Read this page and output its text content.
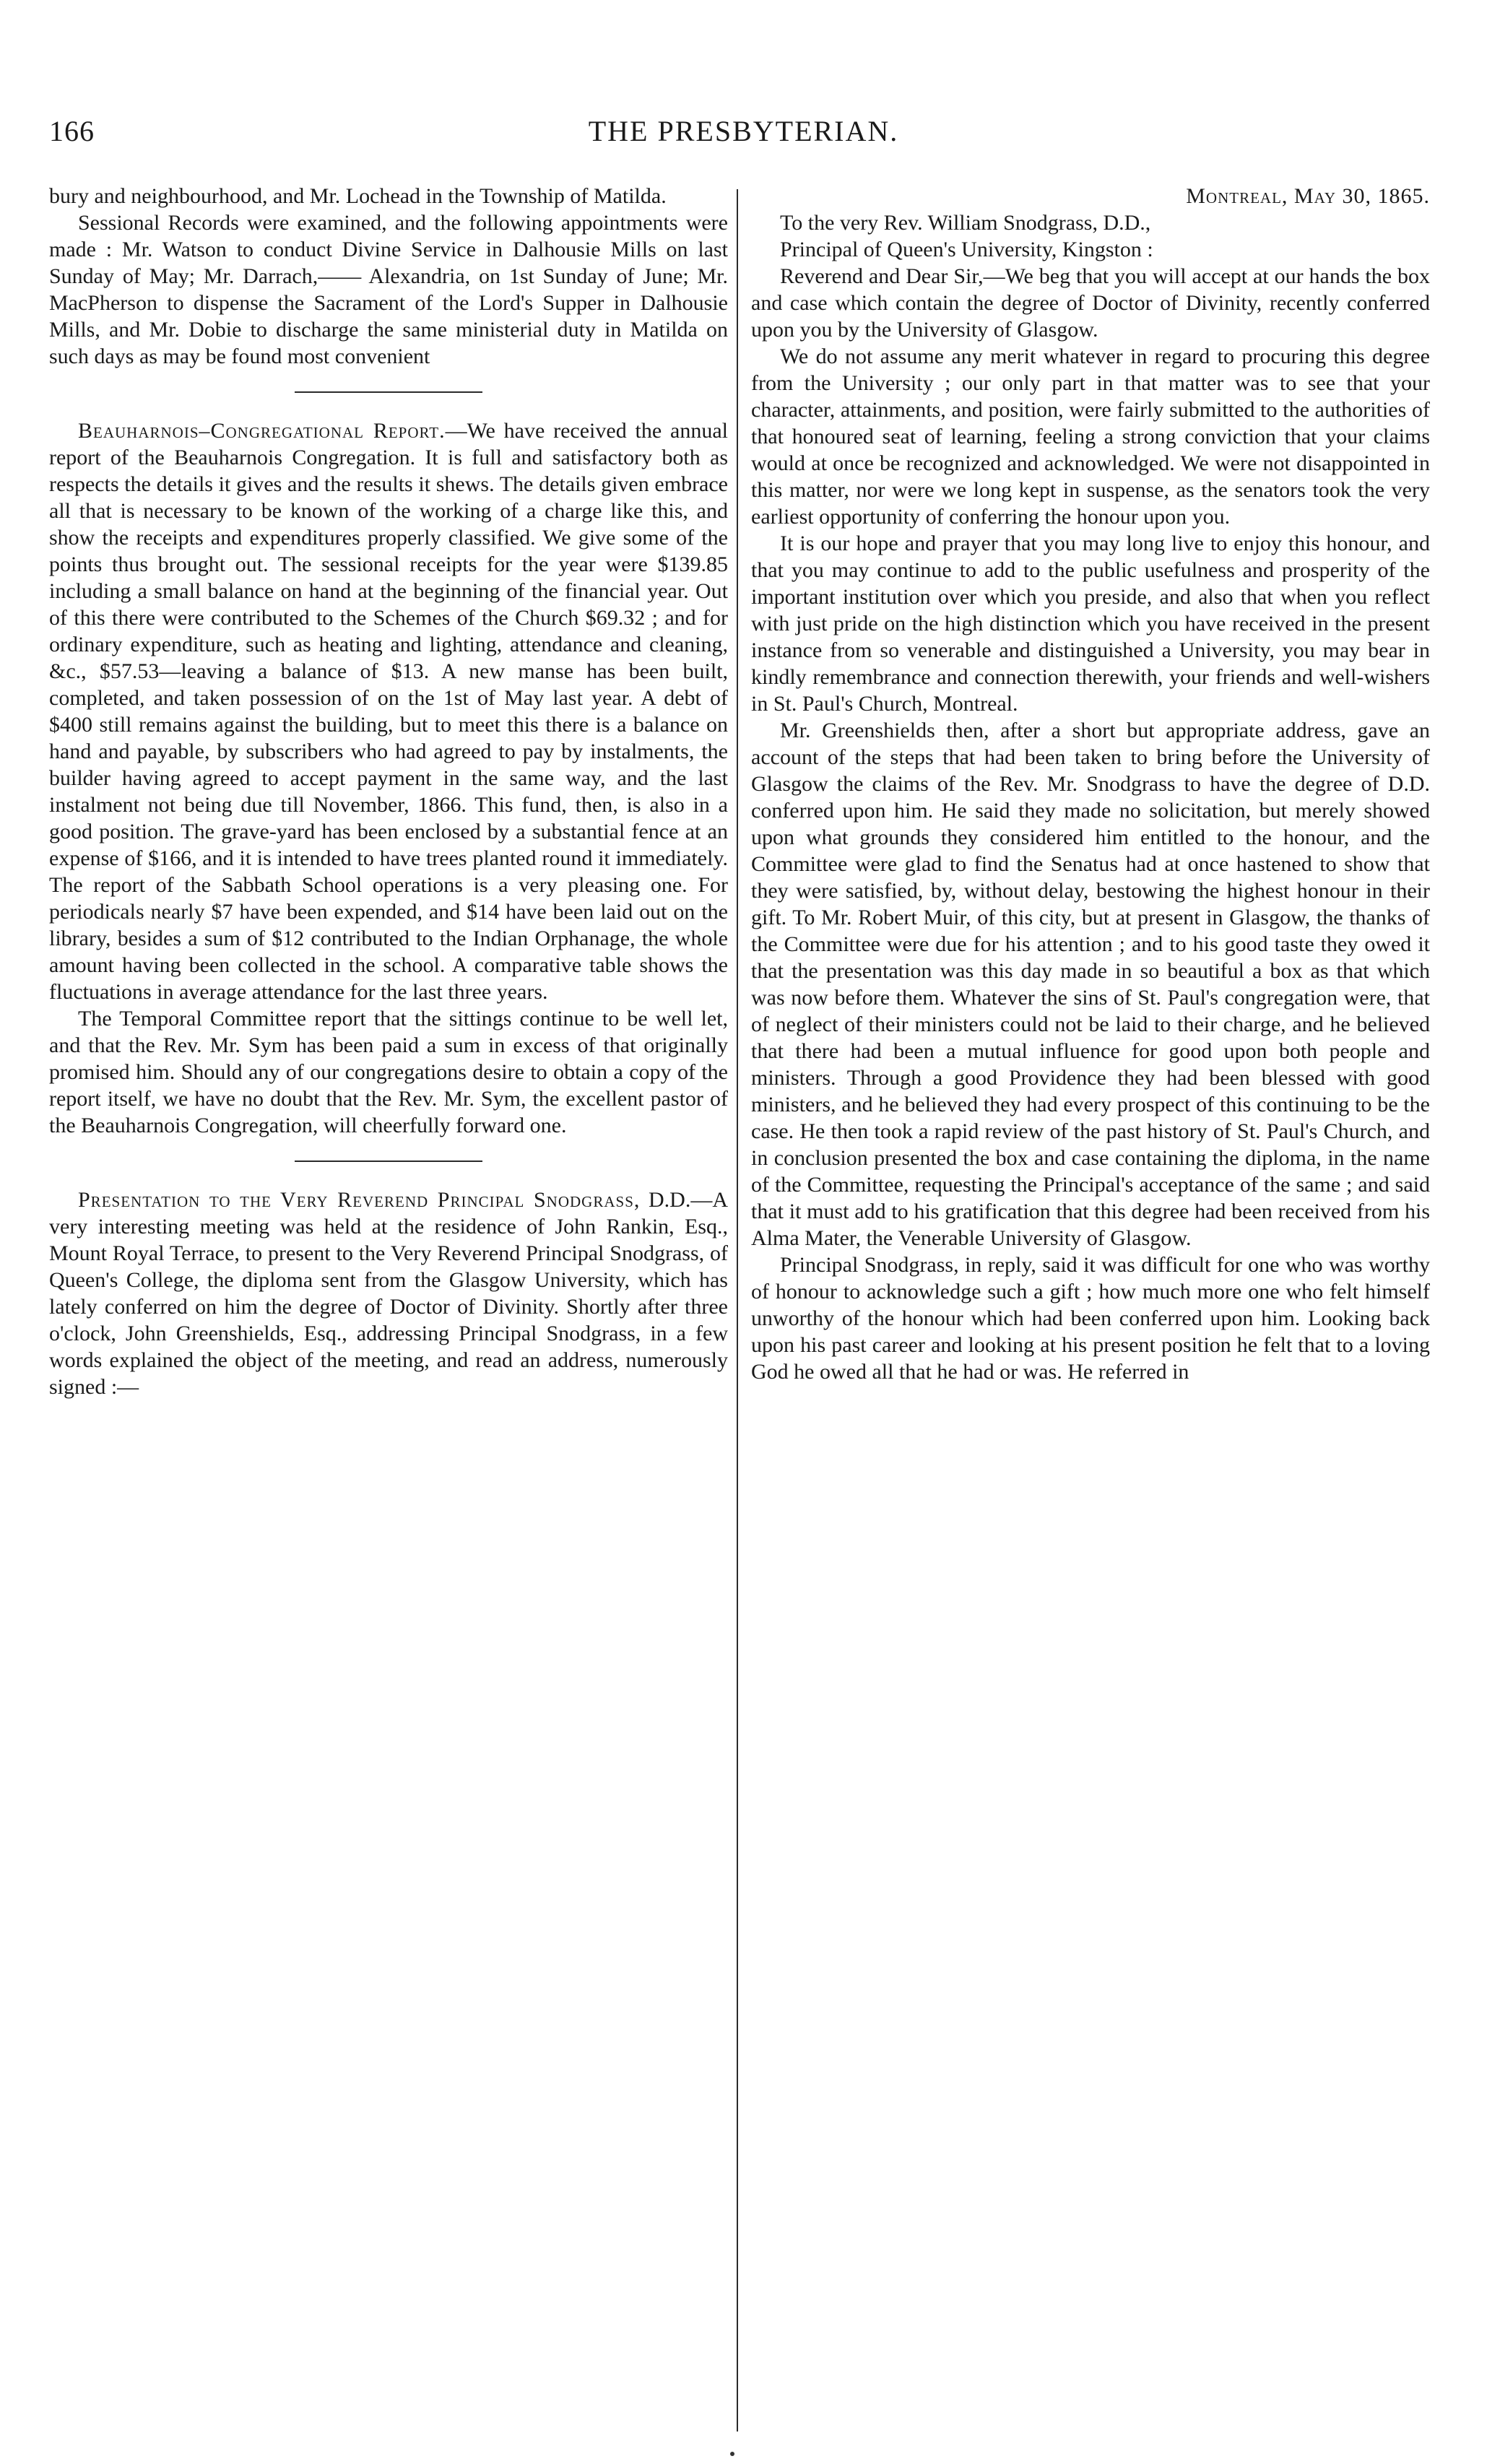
166	THE PRESBYTERIAN.

bury and neighbourhood, and Mr. Lochead in the Township of Matilda.

Sessional Records were examined, and the following appointments were made : Mr. Watson to conduct Divine Service in Dalhousie Mills on last Sunday of May; Mr. Darrach,—— Alexandria, on 1st Sunday of June; Mr. MacPherson to dispense the Sacrament of the Lord's Supper in Dalhousie Mills, and Mr. Dobie to discharge the same ministerial duty in Matilda on such days as may be found most convenient

Beauharnois–Congregational Report.—We have received the annual report of the Beauharnois Congregation. It is full and satisfactory both as respects the details it gives and the results it shews. The details given embrace all that is necessary to be known of the working of a charge like this, and show the receipts and expenditures properly classified. We give some of the points thus brought out. The sessional receipts for the year were $139.85 including a small balance on hand at the beginning of the financial year. Out of this there were contributed to the Schemes of the Church $69.32 ; and for ordinary expenditure, such as heating and lighting, attendance and cleaning, &c., $57.53—leaving a balance of $13. A new manse has been built, completed, and taken possession of on the 1st of May last year. A debt of $400 still remains against the building, but to meet this there is a balance on hand and payable, by subscribers who had agreed to pay by instalments, the builder having agreed to accept payment in the same way, and the last instalment not being due till November, 1866. This fund, then, is also in a good position. The grave-yard has been enclosed by a substantial fence at an expense of $166, and it is intended to have trees planted round it immediately. The report of the Sabbath School operations is a very pleasing one. For periodicals nearly $7 have been expended, and $14 have been laid out on the library, besides a sum of $12 contributed to the Indian Orphanage, the whole amount having been collected in the school. A comparative table shows the fluctuations in average attendance for the last three years.

The Temporal Committee report that the sittings continue to be well let, and that the Rev. Mr. Sym has been paid a sum in excess of that originally promised him. Should any of our congregations desire to obtain a copy of the report itself, we have no doubt that the Rev. Mr. Sym, the excellent pastor of the Beauharnois Congregation, will cheerfully forward one.

Presentation to the Very Reverend Principal Snodgrass, D.D.—A very interesting meeting was held at the residence of John Rankin, Esq., Mount Royal Terrace, to present to the Very Reverend Principal Snodgrass, of Queen's College, the diploma sent from the Glasgow University, which has lately conferred on him the degree of Doctor of Divinity. Shortly after three o'clock, John Greenshields, Esq., addressing Principal Snodgrass, in a few words explained the object of the meeting, and read an address, numerously signed :—

Montreal, May 30, 1865.

To the very Rev. William Snodgrass, D.D.,

Principal of Queen's University, Kingston :

Reverend and Dear Sir,—We beg that you will accept at our hands the box and case which contain the degree of Doctor of Divinity, recently conferred upon you by the University of Glasgow.

We do not assume any merit whatever in regard to procuring this degree from the University ; our only part in that matter was to see that your character, attainments, and position, were fairly submitted to the authorities of that honoured seat of learning, feeling a strong conviction that your claims would at once be recognized and acknowledged. We were not disappointed in this matter, nor were we long kept in suspense, as the senators took the very earliest opportunity of conferring the honour upon you.

It is our hope and prayer that you may long live to enjoy this honour, and that you may continue to add to the public usefulness and prosperity of the important institution over which you preside, and also that when you reflect with just pride on the high distinction which you have received in the present instance from so venerable and distinguished a University, you may bear in kindly remembrance and connection therewith, your friends and well-wishers in St. Paul's Church, Montreal.

Mr. Greenshields then, after a short but appropriate address, gave an account of the steps that had been taken to bring before the University of Glasgow the claims of the Rev. Mr. Snodgrass to have the degree of D.D. conferred upon him. He said they made no solicitation, but merely showed upon what grounds they considered him entitled to the honour, and the Committee were glad to find the Senatus had at once hastened to show that they were satisfied, by, without delay, bestowing the highest honour in their gift. To Mr. Robert Muir, of this city, but at present in Glasgow, the thanks of the Committee were due for his attention ; and to his good taste they owed it that the presentation was this day made in so beautiful a box as that which was now before them. Whatever the sins of St. Paul's congregation were, that of neglect of their ministers could not be laid to their charge, and he believed that there had been a mutual influence for good upon both people and ministers. Through a good Providence they had been blessed with good ministers, and he believed they had every prospect of this continuing to be the case. He then took a rapid review of the past history of St. Paul's Church, and in conclusion presented the box and case containing the diploma, in the name of the Committee, requesting the Principal's acceptance of the same ; and said that it must add to his gratification that this degree had been received from his Alma Mater, the Venerable University of Glasgow.

Principal Snodgrass, in reply, said it was difficult for one who was worthy of honour to acknowledge such a gift ; how much more one who felt himself unworthy of the honour which had been conferred upon him. Looking back upon his past career and looking at his present position he felt that to a loving God he owed all that he had or was. He referred in
